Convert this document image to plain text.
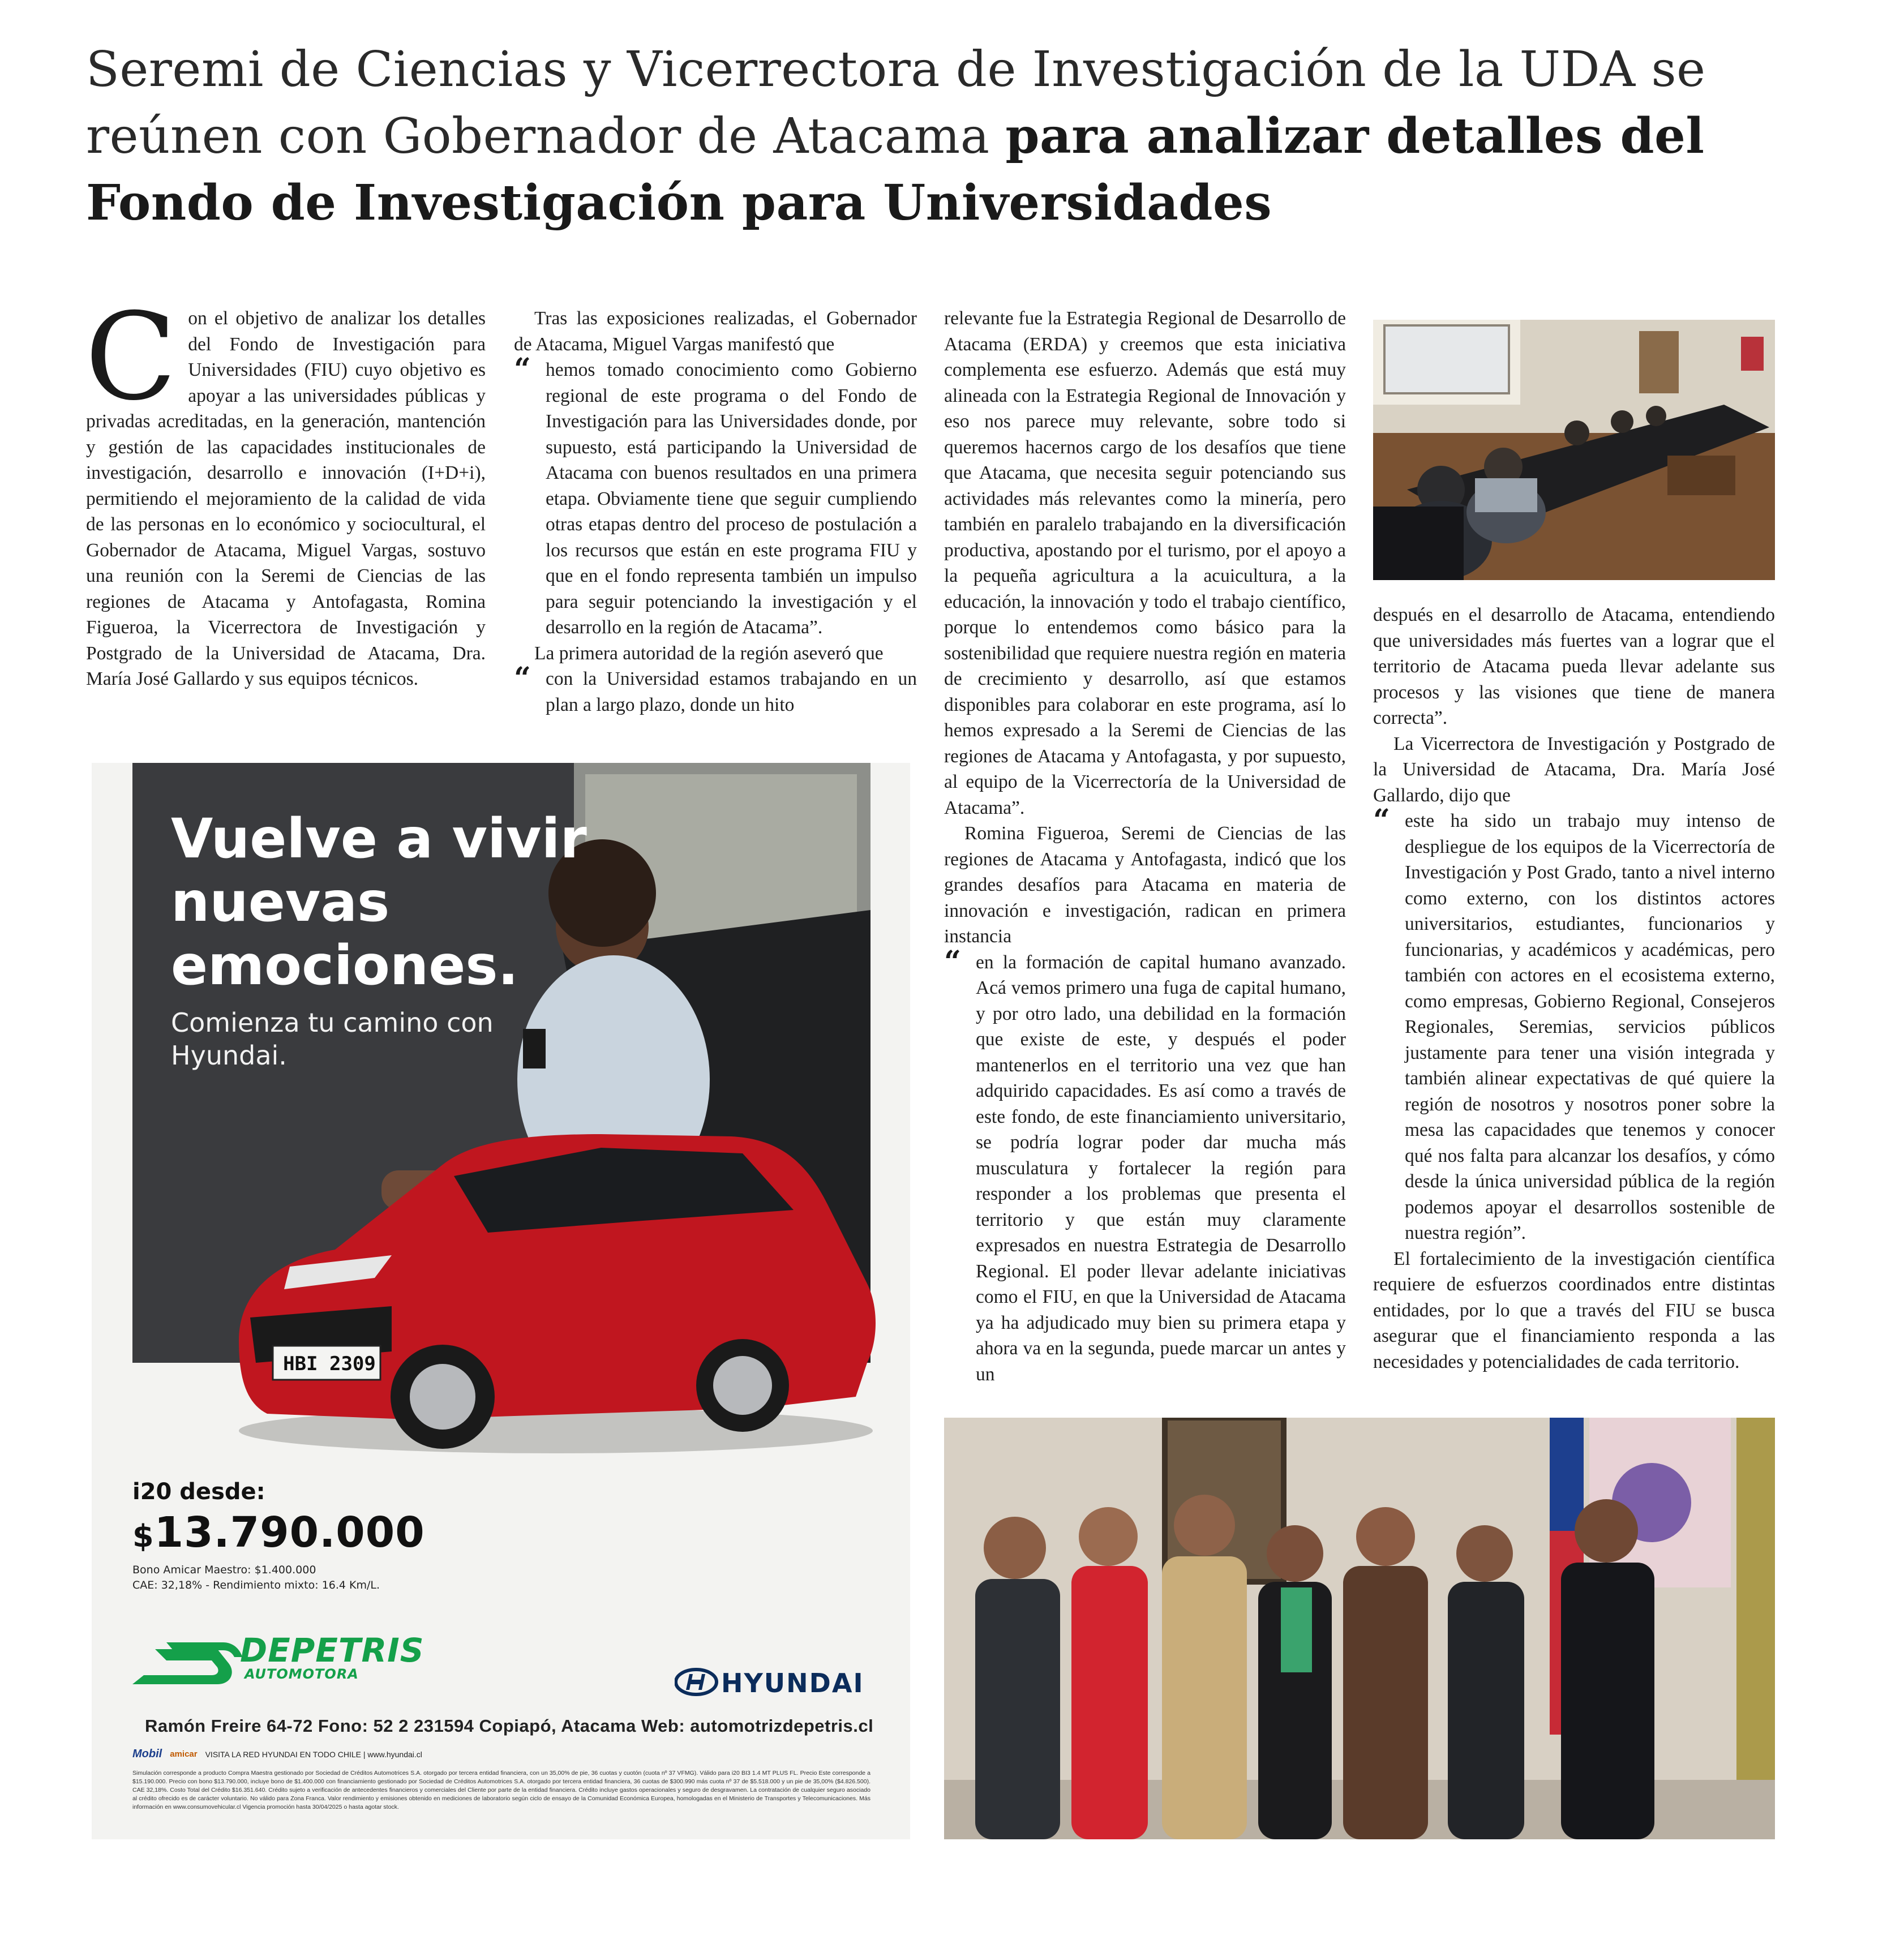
Seremi de Ciencias y Vicerrectora de Investigación de la UDA se reúnen con Gobernador de Atacama para analizar detalles del Fondo de Investigación para Universidades

Con el objetivo de analizar los detalles del Fondo de Investigación para Universidades (FIU) cuyo objetivo es apoyar a las universidades públicas y privadas acreditadas, en la generación, mantención y gestión de las capacidades institucionales de investigación, desarrollo e innovación (I+D+i), permitiendo el mejoramiento de la calidad de vida de las personas en lo económico y sociocultural, el Gobernador de Atacama, Miguel Vargas, sostuvo una reunión con la Seremi de Ciencias de las regiones de Atacama y Antofagasta, Romina Figueroa, la Vicerrectora de Investigación y Postgrado de la Universidad de Atacama, Dra. María José Gallardo y sus equipos técnicos.

Tras las exposiciones realizadas, el Gobernador de Atacama, Miguel Vargas manifestó que

“ hemos tomado conocimiento como Gobierno regional de este programa o del Fondo de Investigación para las Universidades donde, por supuesto, está participando la Universidad de Atacama con buenos resultados en una primera etapa. Obviamente tiene que seguir cumpliendo otras etapas dentro del proceso de postulación a los recursos que están en este programa FIU y que en el fondo representa también un impulso para seguir potenciando la investigación y el desarrollo en la región de Atacama”.

La primera autoridad de la región aseveró que

“ con la Universidad estamos trabajando en un plan a largo plazo, donde un hito

relevante fue la Estrategia Regional de Desarrollo de Atacama (ERDA) y creemos que esta iniciativa complementa ese esfuerzo. Además que está muy alineada con la Estrategia Regional de Innovación y eso nos parece muy relevante, sobre todo si queremos hacernos cargo de los desafíos que tiene que Atacama, que necesita seguir potenciando sus actividades más relevantes como la minería, pero también en paralelo trabajando en la diversificación productiva, apostando por el turismo, por el apoyo a la pequeña agricultura a la acuicultura, a la educación, la innovación y todo el trabajo científico, porque lo entendemos como básico para la sostenibilidad que requiere nuestra región en materia de crecimiento y desarrollo, así que estamos disponibles para colaborar en este programa, así lo hemos expresado a la Seremi de Ciencias de las regiones de Atacama y Antofagasta, y por supuesto, al equipo de la Vicerrectoría de la Universidad de Atacama”.

Romina Figueroa, Seremi de Ciencias de las regiones de Atacama y Antofagasta, indicó que los grandes desafíos para Atacama en materia de innovación e investigación, radican en primera instancia

“ en la formación de capital humano avanzado. Acá vemos primero una fuga de capital humano, y por otro lado, una debilidad en la formación que existe de este, y después el poder mantenerlos en el territorio una vez que han adquirido capacidades. Es así como a través de este fondo, de este financiamiento universitario, se podría lograr poder dar mucha más musculatura y fortalecer la región para responder a los problemas que presenta el territorio y que están muy claramente expresados en nuestra Estrategia de Desarrollo Regional. El poder llevar adelante iniciativas como el FIU, en que la Universidad de Atacama ya ha adjudicado muy bien su primera etapa y ahora va en la segunda, puede marcar un antes y un

después en el desarrollo de Atacama, entendiendo que universidades más fuertes van a lograr que el territorio de Atacama pueda llevar adelante sus procesos y las visiones que tiene de manera correcta”.

La Vicerrectora de Investigación y Postgrado de la Universidad de Atacama, Dra. María José Gallardo, dijo que

“ este ha sido un trabajo muy intenso de despliegue de los equipos de la Vicerrectoría de Investigación y Post Grado, tanto a nivel interno como externo, con los distintos actores universitarios, estudiantes, funcionarios y funcionarias, y académicos y académicas, pero también con actores en el ecosistema externo, como empresas, Gobierno Regional, Consejeros Regionales, Seremias, servicios públicos justamente para tener una visión integrada y también alinear expectativas de qué quiere la región de nosotros y nosotros poner sobre la mesa las capacidades que tenemos y conocer qué nos falta para alcanzar los desafíos, y cómo desde la única universidad pública de la región podemos apoyar el desarrollos sostenible de nuestra región”.

El fortalecimiento de la investigación científica requiere de esfuerzos coordinados entre distintas entidades, por lo que a través del FIU se busca asegurar que el financiamiento responda a las necesidades y potencialidades de cada territorio.

Vuelve a vivir nuevas emociones.

Comienza tu camino con Hyundai.

HBI 2309
i20 desde:
$13.790.000
Bono Amicar Maestro: $1.400.000
CAE: 32,18% - Rendimiento mixto: 16.4 Km/L.
DEPETRIS
AUTOMOTORA	HYUNDAI
Ramón Freire 64-72 Fono: 52 2 231594 Copiapó, Atacama Web: automotrizdepetris.cl
Mobil amicar VISITA LA RED HYUNDAI EN TODO CHILE | www.hyundai.cl
Simulación corresponde a producto Compra Maestra gestionado por Sociedad de Créditos Automotrices S.A. otorgado por tercera entidad financiera, con un 35,00% de pie, 36 cuotas y cuotón (cuota nº 37 VFMG). Válido para i20 BI3 1.4 MT PLUS FL. Precio Este corresponde a $15.190.000. Precio con bono $13.790.000, incluye bono de $1.400.000 con financiamiento gestionado por Sociedad de Créditos Automotrices S.A. otorgado por tercera entidad financiera, 36 cuotas de $300.990 más cuota nº 37 de $5.518.000 y un pie de 35,00% ($4.826.500). CAE 32,18%. Costo Total del Crédito $16.351.640. Crédito sujeto a verificación de antecedentes financieros y comerciales del Cliente por parte de la entidad financiera. Crédito incluye gastos operacionales y seguro de desgravamen. La contratación de cualquier seguro asociado al crédito ofrecido es de carácter voluntario. No válido para Zona Franca. Valor rendimiento y emisiones obtenido en mediciones de laboratorio según ciclo de ensayo de la Comunidad Económica Europea, homologadas en el Ministerio de Transportes y Telecomunicaciones. Más información en www.consumovehicular.cl Vigencia promoción hasta 30/04/2025 o hasta agotar stock.
